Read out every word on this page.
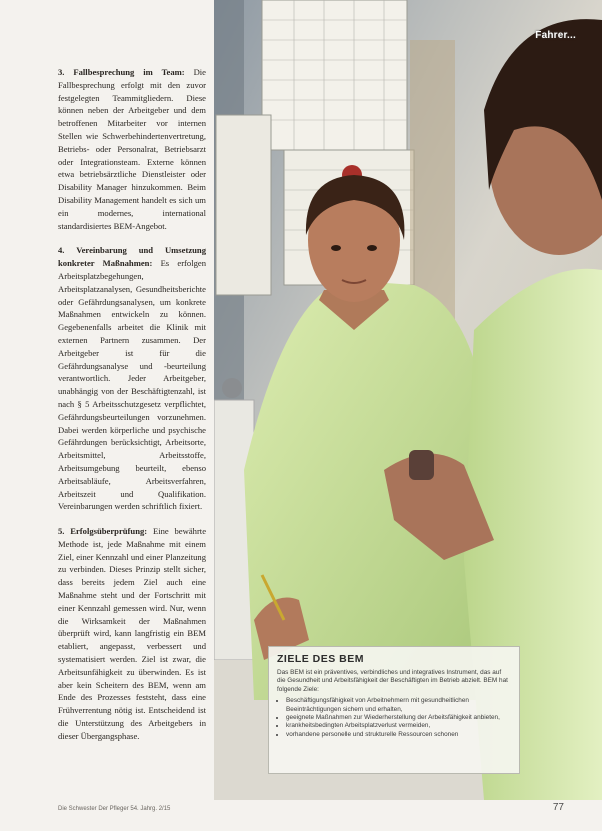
3. Fallbesprechung im Team: Die Fallbesprechung erfolgt mit den zuvor festgelegten Teammitgliedern. Diese können neben der Arbeitgeber und dem betroffenen Mitarbeiter vor internen Stellen wie Schwerbehindertenvertretung, Betriebs- oder Personalrat, Betriebsarzt oder Integrationsteam. Externe können etwa betriebsärztliche Dienstleister oder Disability Manager hinzukommen. Beim Disability Management handelt es sich um ein modernes, international standardisiertes BEM-Angebot.

4. Vereinbarung und Umsetzung konkreter Maßnahmen: Es erfolgen Arbeitsplatzbegehungen, Arbeitsplatzanalysen, Gesundheitsberichte oder Gefährdungsanalysen, um konkrete Maßnahmen entwickeln zu können. Gegebenenfalls arbeitet die Klinik mit externen Partnern zusammen. Der Arbeitgeber ist für die Gefährdungsanalyse und -beurteilung verantwortlich. Jeder Arbeitgeber, unabhängig von der Beschäftigtenzahl, ist nach § 5 Arbeitsschutzgesetz verpflichtet, Gefährdungsbeurteilungen vorzunehmen. Dabei werden körperliche und psychische Gefährdungen berücksichtigt, Arbeitsorte, Arbeitsmittel, Arbeitsstoffe, Arbeitsumgebung beurteilt, ebenso Arbeitsabläufe, Arbeitsverfahren, Arbeitszeit und Qualifikation. Vereinbarungen werden schriftlich fixiert.

5. Erfolgsüberprüfung: Eine bewährte Methode ist, jede Maßnahme mit einem Ziel, einer Kennzahl und einer Planzeitung zu verbinden. Dieses Prinzip stellt sicher, dass bereits jedem Ziel auch eine Maßnahme steht und der Fortschritt mit einer Kennzahl gemessen wird. Nur, wenn die Wirksamkeit der Maßnahmen überprüft wird, kann langfristig ein BEM etabliert, angepasst, verbessert und systematisiert werden. Ziel ist zwar, die Arbeitsunfähigkeit zu überwinden. Es ist aber kein Scheitern des BEM, wenn am Ende des Prozesses feststeht, dass eine Frühverrentung nötig ist. Entscheidend ist die Unterstützung des Arbeitgebers in dieser Übergangsphase.

Fahrer...
ZIELE DES BEM

Das BEM ist ein präventives, verbindliches und integratives Instrument, das auf die Gesundheit und Arbeitsfähigkeit der Beschäftigten im Betrieb abzielt. BEM hat folgende Ziele:

• Beschäftigungsfähigkeit von Arbeitnehmern mit gesundheitlichen Beeinträchtigungen sichern und erhalten,
• geeignete Maßnahmen zur Wiederherstellung der Arbeitsfähigkeit anbieten,
• krankheitsbedingten Arbeitsplatzverlust vermeiden,
• vorhandene personelle und strukturelle Ressourcen schonen
Die Schwester Der Pfleger 54. Jahrg. 2/15	77
